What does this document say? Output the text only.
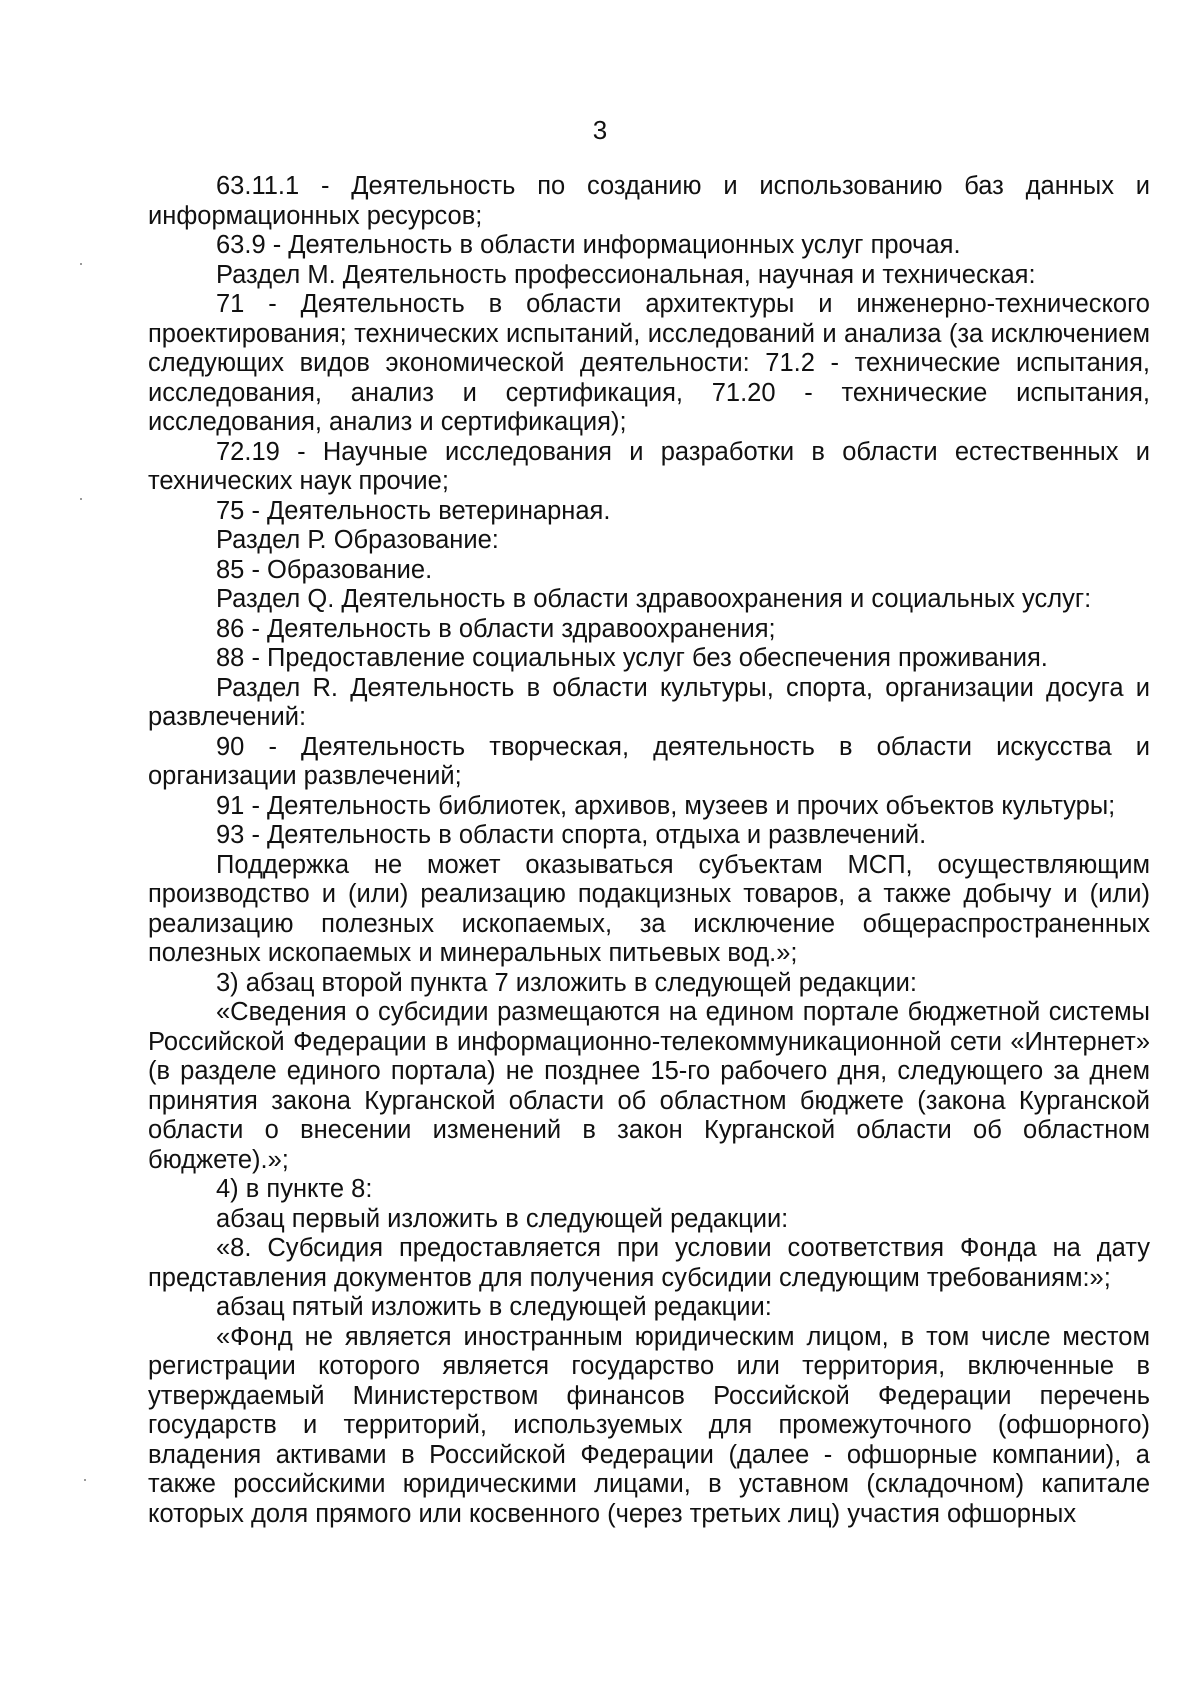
3

63.11.1 - Деятельность по созданию и использованию баз данных и информационных ресурсов;

63.9 - Деятельность в области информационных услуг прочая.

Раздел М. Деятельность профессиональная, научная и техническая:

71 - Деятельность в области архитектуры и инженерно-технического проектирования; технических испытаний, исследований и анализа (за исключением следующих видов экономической деятельности: 71.2 - технические испытания, исследования, анализ и сертификация, 71.20 - технические испытания, исследования, анализ и сертификация);

72.19 - Научные исследования и разработки в области естественных и технических наук прочие;

75 - Деятельность ветеринарная.

Раздел Р. Образование:

85 - Образование.

Раздел Q. Деятельность в области здравоохранения и социальных услуг:

86 - Деятельность в области здравоохранения;

88 - Предоставление социальных услуг без обеспечения проживания.

Раздел R. Деятельность в области культуры, спорта, организации досуга и развлечений:

90 - Деятельность творческая, деятельность в области искусства и организации развлечений;

91 - Деятельность библиотек, архивов, музеев и прочих объектов культуры;

93 - Деятельность в области спорта, отдыха и развлечений.

Поддержка не может оказываться субъектам МСП, осуществляющим производство и (или) реализацию подакцизных товаров, а также добычу и (или) реализацию полезных ископаемых, за исключение общераспространенных полезных ископаемых и минеральных питьевых вод.»;

3) абзац второй пункта 7 изложить в следующей редакции:

«Сведения о субсидии размещаются на едином портале бюджетной системы Российской Федерации в информационно-телекоммуникационной сети «Интернет» (в разделе единого портала) не позднее 15-го рабочего дня, следующего за днем принятия закона Курганской области об областном бюджете (закона Курганской области о внесении изменений в закон Курганской области об областном бюджете).»;

4) в пункте 8:

абзац первый изложить в следующей редакции:

«8. Субсидия предоставляется при условии соответствия Фонда на дату представления документов для получения субсидии следующим требованиям:»;

абзац пятый изложить в следующей редакции:

«Фонд не является иностранным юридическим лицом, в том числе местом регистрации которого является государство или территория, включенные в утверждаемый Министерством финансов Российской Федерации перечень государств и территорий, используемых для промежуточного (офшорного) владения активами в Российской Федерации (далее - офшорные компании), а также российскими юридическими лицами, в уставном (складочном) капитале которых доля прямого или косвенного (через третьих лиц) участия офшорных
